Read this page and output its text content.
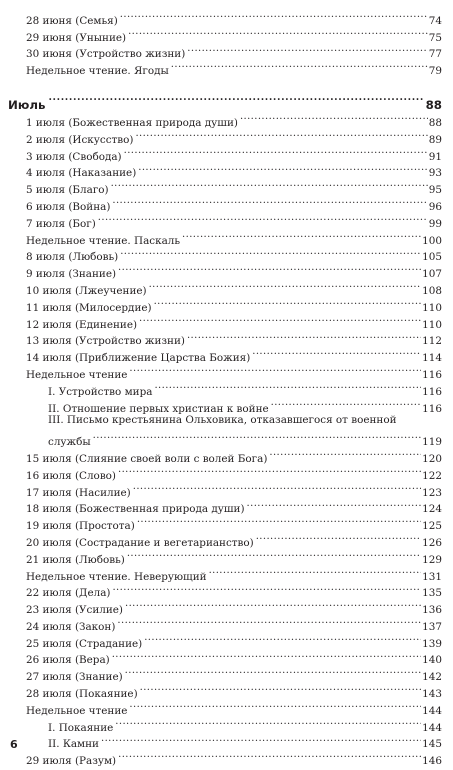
28 июня (Семья) .....	74
29 июня (Уныние) .....	75
30 июня (Устройство жизни) .....	77
Недельное чтение. Ягоды .....	79
Июль .....	88
1 июля (Божественная природа души) .....	88
2 июля (Искусство) .....	89
3 июля (Свобода) .....	91
4 июля (Наказание) .....	93
5 июля (Благо) .....	95
6 июля (Война) .....	96
7 июля (Бог) .....	99
Недельное чтение. Паскаль .....	100
8 июля (Любовь) .....	105
9 июля (Знание) .....	107
10 июля (Лжеучение) .....	108
11 июля (Милосердие) .....	110
12 июля (Единение) .....	110
13 июля (Устройство жизни) .....	112
14 июля (Приближение Царства Божия) .....	114
Недельное чтение .....	116
I. Устройство мира .....	116
II. Отношение первых христиан к войне .....	116
III. Письмо крестьянина Ольховика, отказавшегося от военной
службы .....	119
15 июля (Слияние своей воли с волей Бога) .....	120
16 июля (Слово) .....	122
17 июля (Насилие) .....	123
18 июля (Божественная природа души) .....	124
19 июля (Простота) .....	125
20 июля (Сострадание и вегетарианство) .....	126
21 июля (Любовь) .....	129
Недельное чтение. Неверующий .....	131
22 июля (Дела) .....	135
23 июля (Усилие) .....	136
24 июля (Закон) .....	137
25 июля (Страдание) .....	139
26 июля (Вера) .....	140
27 июля (Знание) .....	142
28 июля (Покаяние) .....	143
Недельное чтение .....	144
I. Покаяние .....	144
II. Камни .....	145
29 июля (Разум) .....	146
6
